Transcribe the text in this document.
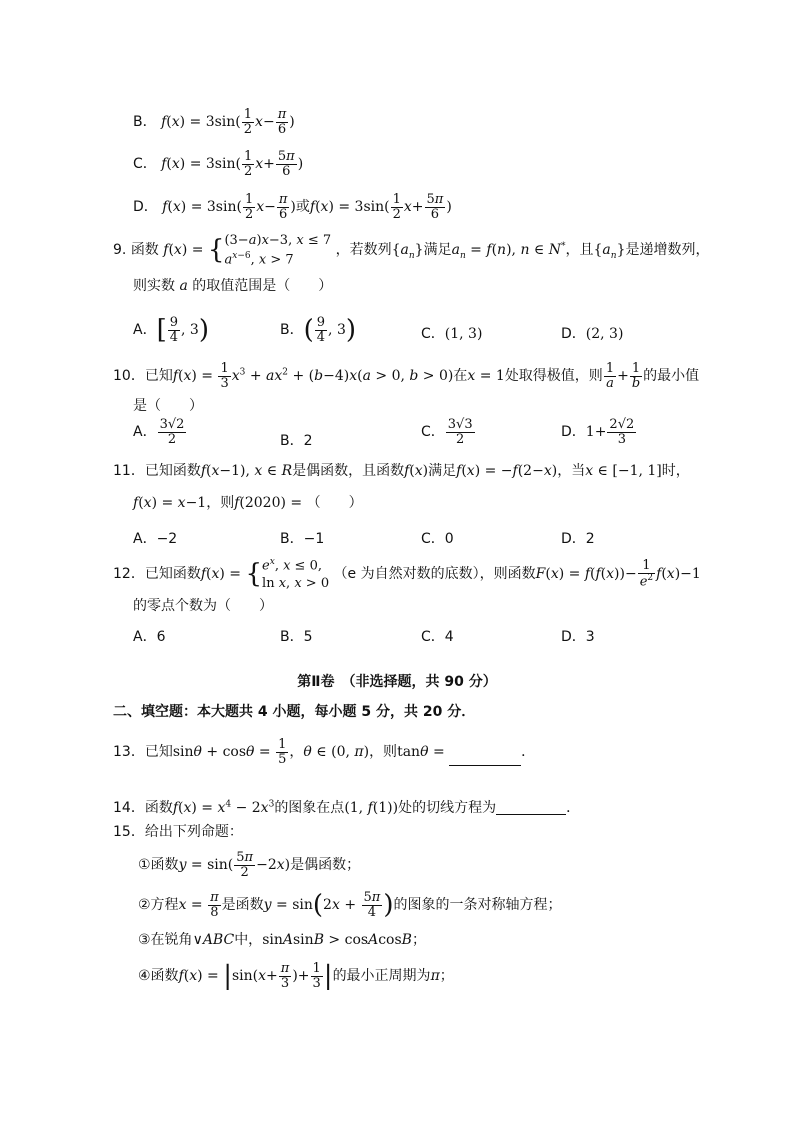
B． $f(x) = 3\sin( \frac{1}{2} x- \frac{\pi}{6}$ )
C． $f(x) = 3\sin( \frac{1}{2} x+ \frac{5\pi}{6}$ )
D． $f(x) = 3\sin( \frac{1}{2} x- \frac{\pi}{6}$ )或$f(x) = 3\sin( \frac{1}{2} x+ \frac{5\pi}{6}$ )
9. 函数 f(x) = { (3−a)x−3, x ≤ 7
$a^{x-6}$, x > 7
，若数列$\{a_n\}$满足$a_n = f(n)$, n ∈ N*，且$\{a_n\}$是递增数列，
则实数 a 的取值范围是（　　）
A．[ $\frac{9}{4}$ , 3)	B．( $\frac{9}{4}$ , 3)	C．(1, 3)	D．(2, 3)
10．已知$f(x) = \frac{1}{3} x^3 + ax^2 + (b-4)x(a > 0$, b > 0)在x = 1处取得极值，则 $\frac{1}{a} + \frac{1}{b}$ 的最小值
是（　　）
A． $\frac{3√2}{2}$	B．2
C． $\frac{3√3}{2}$	D．$1+ \frac{2√2}{3}$
11．已知函数f(x−1), x ∈ R是偶函数，且函数f(x)满足f(x) = −f(2−x)，当x ∈ [−1, 1]时，
f(x) = x−1，则f(2020) = （　　）
A．−2	B．−1	C．0	D．2
12．已知函数f(x) = { $e^x$, x ≤ 0,
ln x, x > 0
（e 为自然对数的底数），则函数$F(x) = f(f(x))- \frac{1}{e^2} f(x)-1$
的零点个数为（　　）
A．6	B．5	C．4	D．3
第Ⅱ卷　（非选择题，共 90 分）
二、填空题：本大题共 4 小题，每小题 5 分，共 20 分．
13．已知$\sin\theta + \cos\theta = \frac{1}{5}$ ，θ ∈ (0, π)，则tanθ =	．
14．函数$f(x) = x^4 - 2x^3$的图象在点(1, f(1))处的切线方程为	．
15．给出下列命题：
①函数$y = \sin( \frac{5\pi}{2} -2x)$是偶函数；
②方程$x = \frac{\pi}{8}$ 是函数$y = \sin(2x + \frac{5\pi}{4}$ )的图象的一条对称轴方程；
③在锐角∨ABC中，sinAsinB > cosAcosB；
④函数$f(x) = |\sin(x+ \frac{\pi}{3}$ )+ $\frac{1}{3}$ |的最小正周期为π；
